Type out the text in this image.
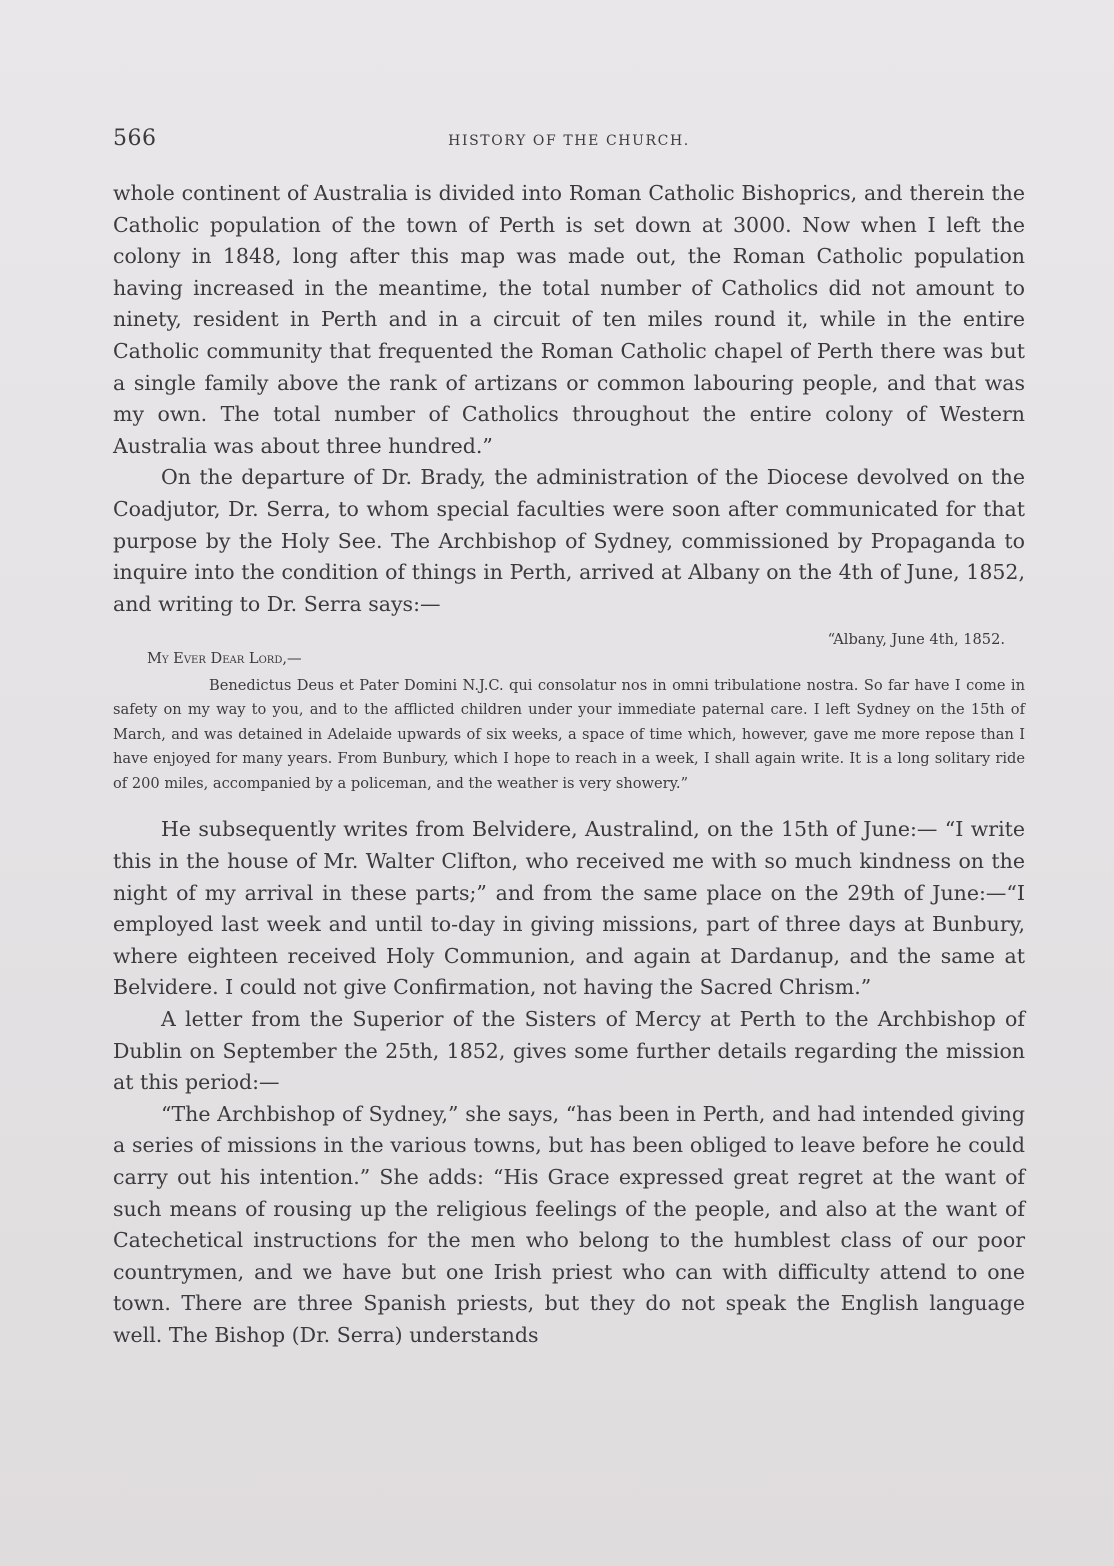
566	HISTORY OF THE CHURCH.

whole continent of Australia is divided into Roman Catholic Bishoprics, and therein the Catholic population of the town of Perth is set down at 3000. Now when I left the colony in 1848, long after this map was made out, the Roman Catholic population having increased in the meantime, the total number of Catholics did not amount to ninety, resident in Perth and in a circuit of ten miles round it, while in the entire Catholic community that frequented the Roman Catholic chapel of Perth there was but a single family above the rank of artizans or common labouring people, and that was my own. The total number of Catholics throughout the entire colony of Western Australia was about three hundred.”

On the departure of Dr. Brady, the administration of the Diocese devolved on the Coadjutor, Dr. Serra, to whom special faculties were soon after communicated for that purpose by the Holy See. The Archbishop of Sydney, commissioned by Propaganda to inquire into the condition of things in Perth, arrived at Albany on the 4th of June, 1852, and writing to Dr. Serra says:—

“Albany, June 4th, 1852.

My Ever Dear Lord,—

Benedictus Deus et Pater Domini N.J.C. qui consolatur nos in omni tribulatione nostra. So far have I come in safety on my way to you, and to the afflicted children under your immediate paternal care. I left Sydney on the 15th of March, and was detained in Adelaide upwards of six weeks, a space of time which, however, gave me more repose than I have enjoyed for many years. From Bunbury, which I hope to reach in a week, I shall again write. It is a long solitary ride of 200 miles, accompanied by a policeman, and the weather is very showery.”

He subsequently writes from Belvidere, Australind, on the 15th of June:— “I write this in the house of Mr. Walter Clifton, who received me with so much kindness on the night of my arrival in these parts;” and from the same place on the 29th of June:—“I employed last week and until to-day in giving missions, part of three days at Bunbury, where eighteen received Holy Communion, and again at Dardanup, and the same at Belvidere. I could not give Confirmation, not having the Sacred Chrism.”

A letter from the Superior of the Sisters of Mercy at Perth to the Archbishop of Dublin on September the 25th, 1852, gives some further details regarding the mission at this period:—

“The Archbishop of Sydney,” she says, “has been in Perth, and had intended giving a series of missions in the various towns, but has been obliged to leave before he could carry out his intention.” She adds: “His Grace expressed great regret at the want of such means of rousing up the religious feelings of the people, and also at the want of Catechetical instructions for the men who belong to the humblest class of our poor countrymen, and we have but one Irish priest who can with difficulty attend to one town. There are three Spanish priests, but they do not speak the English language well. The Bishop (Dr. Serra) understands
